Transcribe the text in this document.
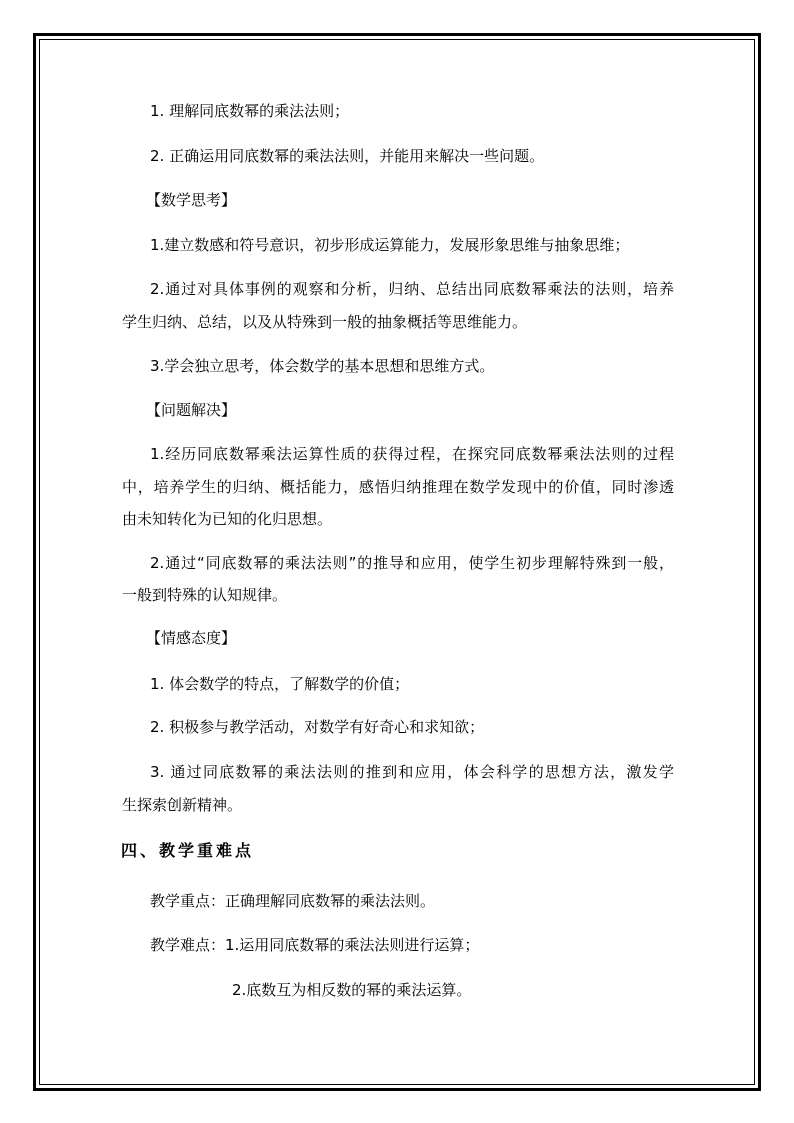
1. 理解同底数幂的乘法法则；
2. 正确运用同底数幂的乘法法则，并能用来解决一些问题。
【数学思考】
1.建立数感和符号意识，初步形成运算能力，发展形象思维与抽象思维；
2.通过对具体事例的观察和分析，归纳、总结出同底数幂乘法的法则，培养
学生归纳、总结，以及从特殊到一般的抽象概括等思维能力。
3.学会独立思考，体会数学的基本思想和思维方式。
【问题解决】
1.经历同底数幂乘法运算性质的获得过程，在探究同底数幂乘法法则的过程
中，培养学生的归纳、概括能力，感悟归纳推理在数学发现中的价值，同时渗透
由未知转化为已知的化归思想。
2.通过“同底数幂的乘法法则”的推导和应用，使学生初步理解特殊到一般，
一般到特殊的认知规律。
【情感态度】
1. 体会数学的特点，了解数学的价值；
2. 积极参与教学活动，对数学有好奇心和求知欲；
3. 通过同底数幂的乘法法则的推到和应用，体会科学的思想方法，激发学
生探索创新精神。
四、教学重难点
教学重点：正确理解同底数幂的乘法法则。
教学难点：1.运用同底数幂的乘法法则进行运算；
2.底数互为相反数的幂的乘法运算。
